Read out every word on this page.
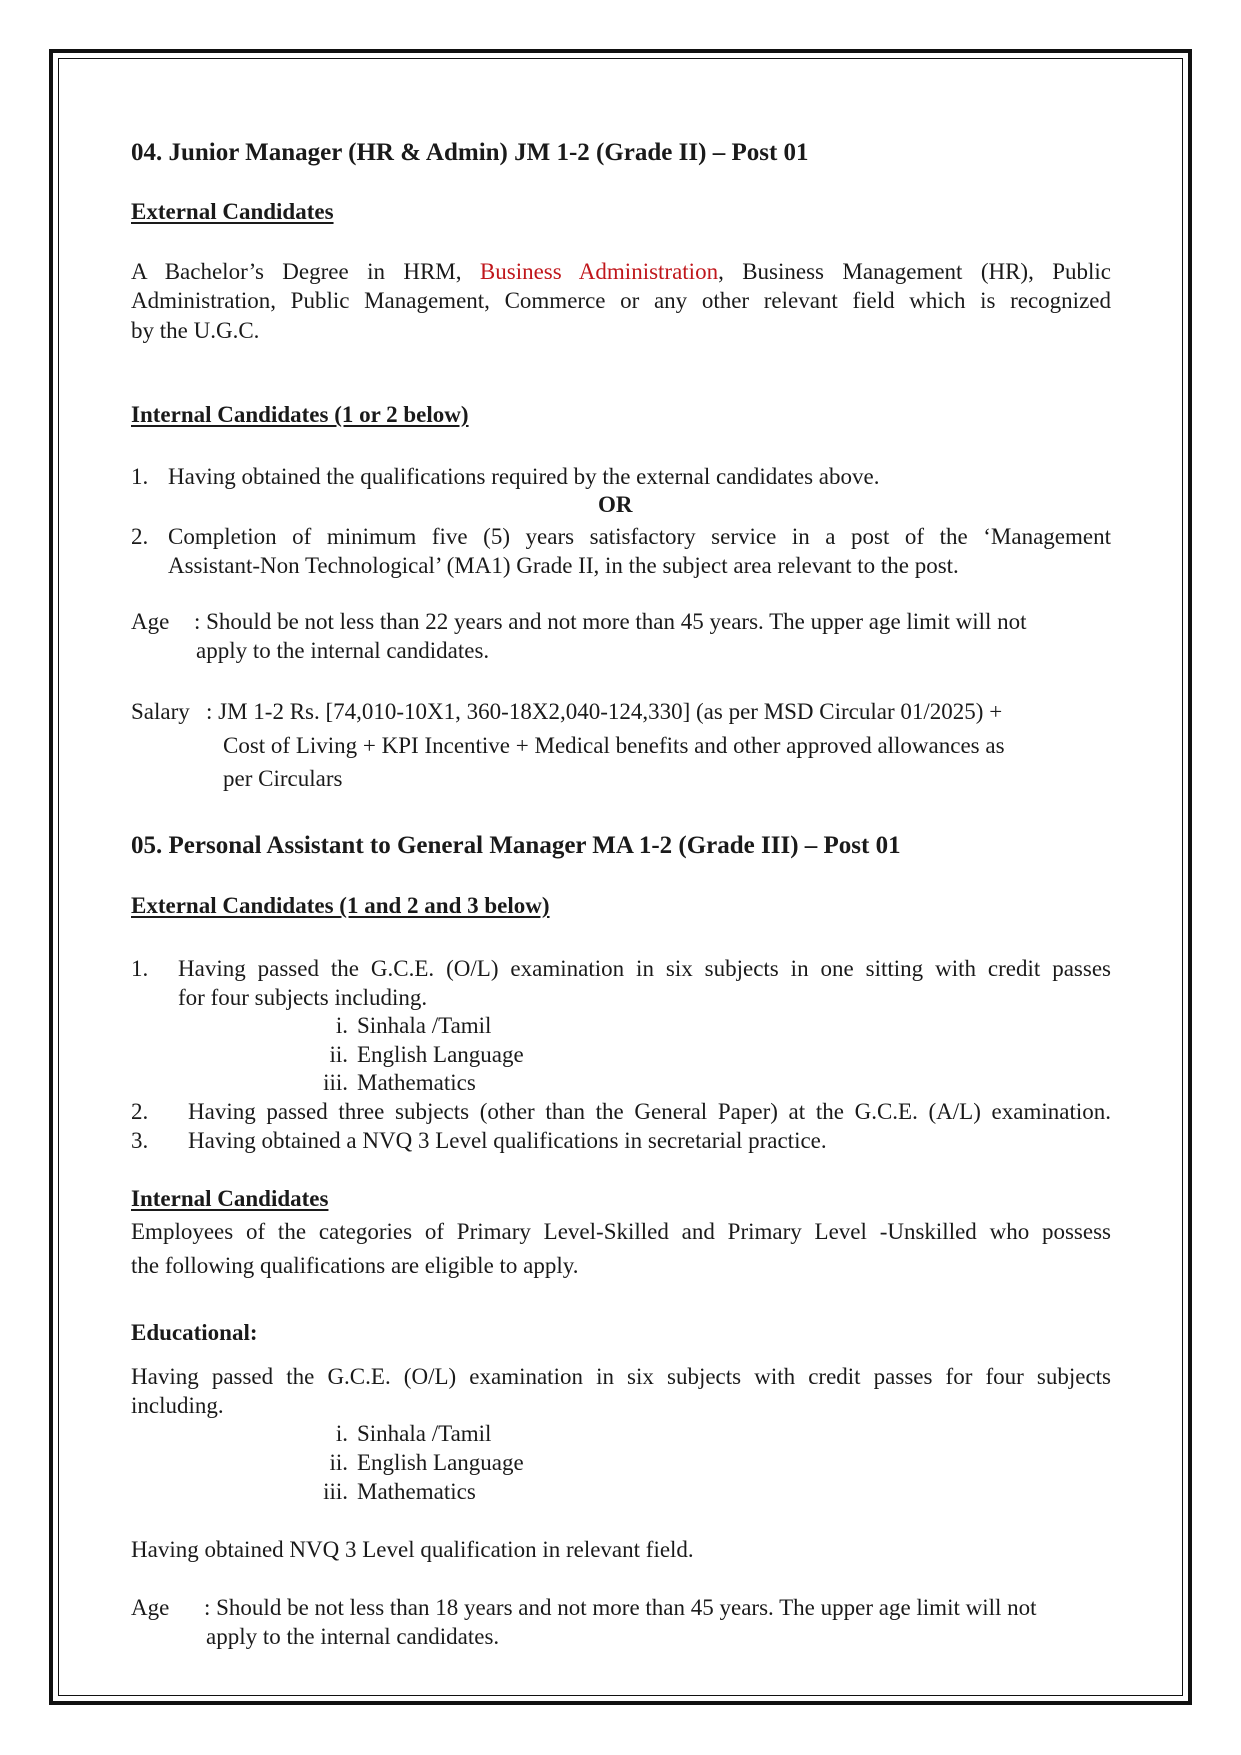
04. Junior Manager (HR & Admin) JM 1-2 (Grade II) – Post 01
External Candidates
A Bachelor’s Degree in HRM, Business Administration, Business Management (HR), Public
Administration, Public Management, Commerce or any other relevant field which is recognized
by the U.G.C.
Internal Candidates (1 or 2 below)
1. Having obtained the qualifications required by the external candidates above.
OR
2. Completion of minimum five (5) years satisfactory service in a post of the ‘Management
Assistant-Non Technological’ (MA1) Grade II, in the subject area relevant to the post.
Age : Should be not less than 22 years and not more than 45 years. The upper age limit will not
apply to the internal candidates.
Salary : JM 1-2 Rs. [74,010-10X1, 360-18X2,040-124,330] (as per MSD Circular 01/2025) +
Cost of Living + KPI Incentive + Medical benefits and other approved allowances as
per Circulars
05. Personal Assistant to General Manager MA 1-2 (Grade III) – Post 01
External Candidates (1 and 2 and 3 below)
1. Having passed the G.C.E. (O/L) examination in six subjects in one sitting with credit passes
for four subjects including.
i. Sinhala /Tamil
ii. English Language
iii. Mathematics
2. Having passed three subjects (other than the General Paper) at the G.C.E. (A/L) examination.
3. Having obtained a NVQ 3 Level qualifications in secretarial practice.
Internal Candidates
Employees of the categories of Primary Level-Skilled and Primary Level -Unskilled who possess
the following qualifications are eligible to apply.
Educational:
Having passed the G.C.E. (O/L) examination in six subjects with credit passes for four subjects
including.
i. Sinhala /Tamil
ii. English Language
iii. Mathematics
Having obtained NVQ 3 Level qualification in relevant field.
Age : Should be not less than 18 years and not more than 45 years. The upper age limit will not
apply to the internal candidates.
